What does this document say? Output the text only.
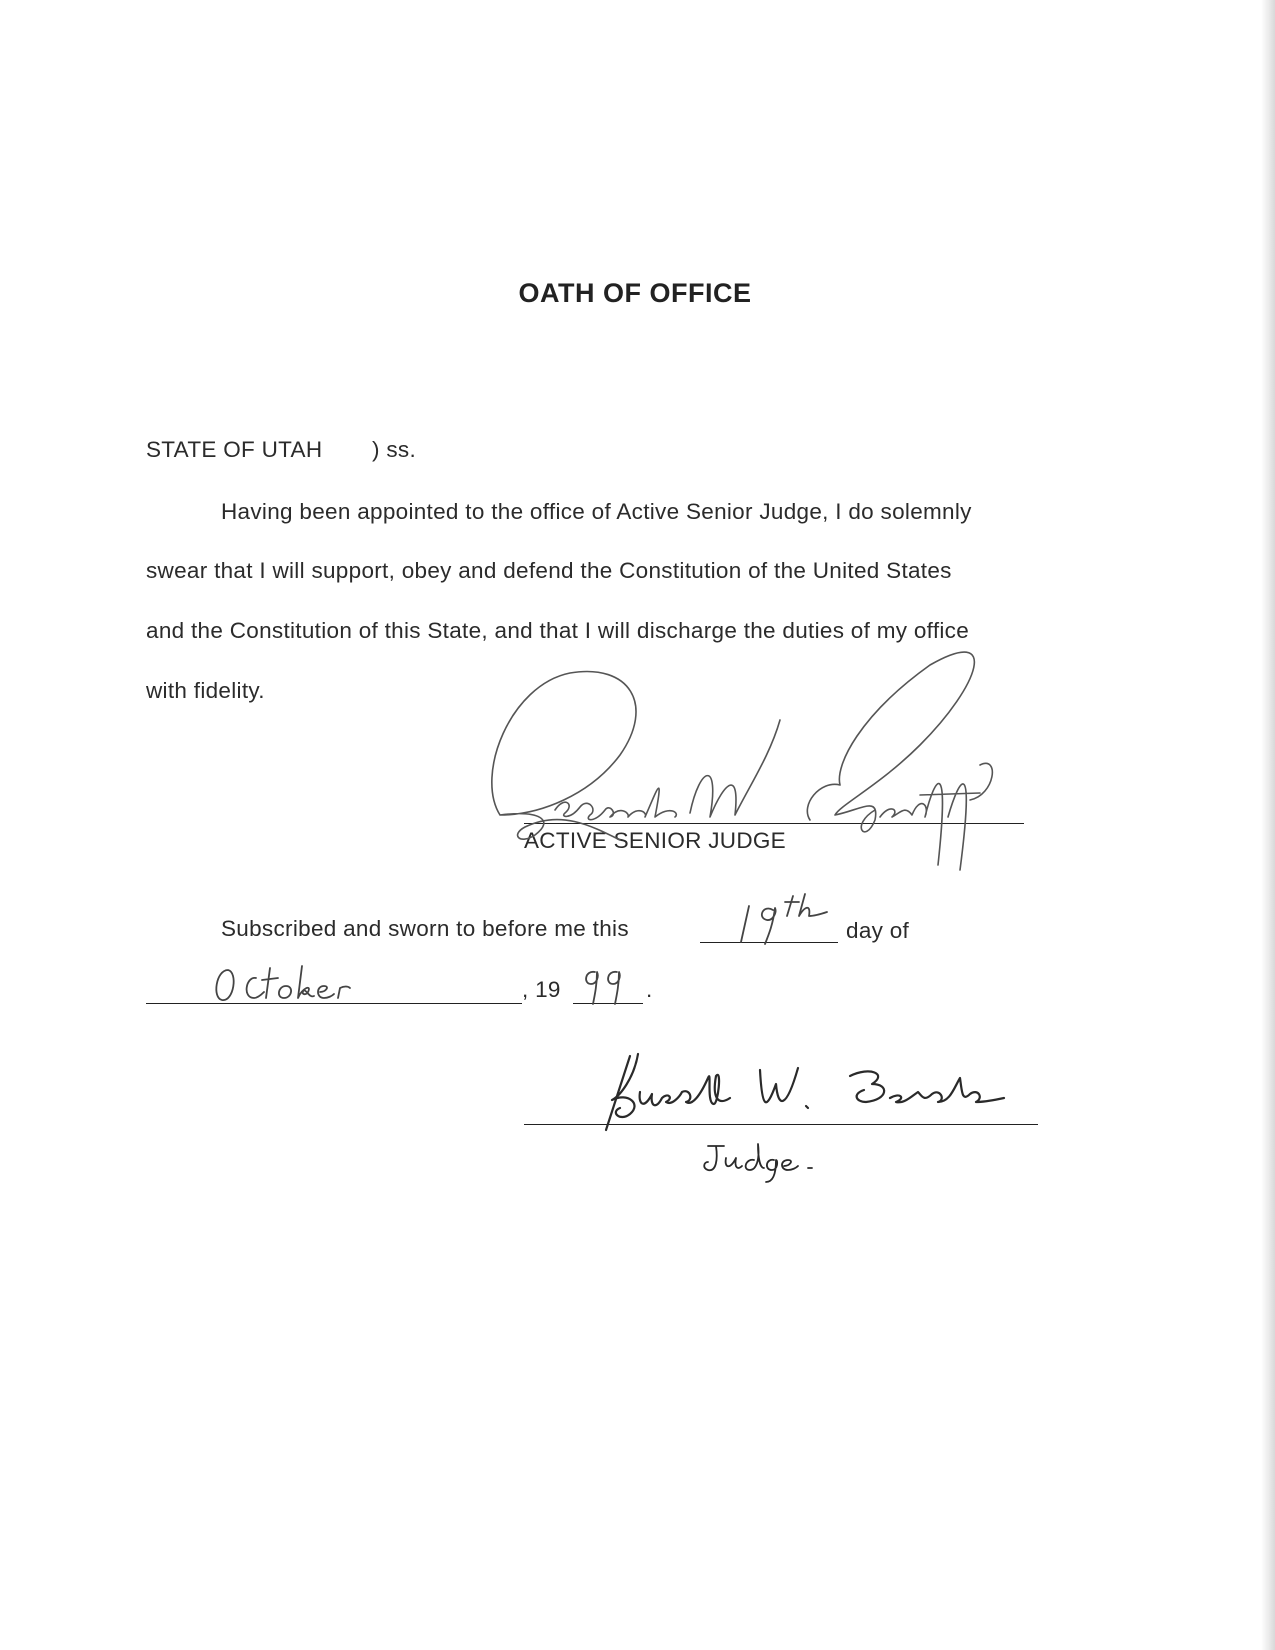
OATH OF OFFICE
STATE OF UTAH ) ss.
Having been appointed to the office of Active Senior Judge, I do solemnly
swear that I will support, obey and defend the Constitution of the United States
and the Constitution of this State, and that I will discharge the duties of my office
with fidelity.
ACTIVE SENIOR JUDGE
Subscribed and sworn to before me this	day of
, 19	.
